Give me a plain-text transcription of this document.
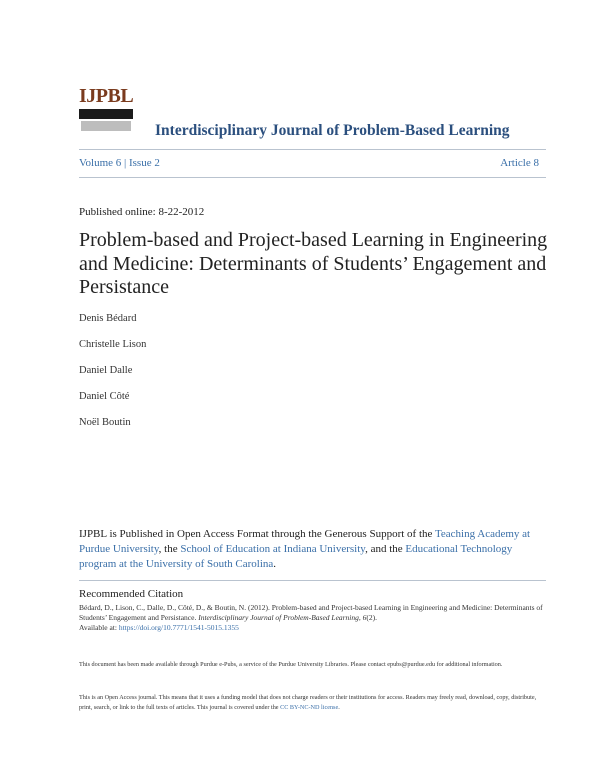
IJPBL
Interdisciplinary Journal of Problem-Based Learning
Volume 6 | Issue 2	Article 8
Published online: 8-22-2012
Problem-based and Project-based Learning in Engineering and Medicine: Determinants of Students’ Engagement and Persistance
Denis Bédard
Christelle Lison
Daniel Dalle
Daniel Côté
Noël Boutin
IJPBL is Published in Open Access Format through the Generous Support of the Teaching Academy at Purdue University, the School of Education at Indiana University, and the Educational Technology program at the University of South Carolina.
Recommended Citation
Bédard, D., Lison, C., Dalle, D., Côté, D., & Boutin, N. (2012). Problem-based and Project-based Learning in Engineering and Medicine: Determinants of Students’ Engagement and Persistance. Interdisciplinary Journal of Problem-Based Learning, 6(2).
Available at: https://doi.org/10.7771/1541-5015.1355
This document has been made available through Purdue e-Pubs, a service of the Purdue University Libraries. Please contact epubs@purdue.edu for additional information.
This is an Open Access journal. This means that it uses a funding model that does not charge readers or their institutions for access. Readers may freely read, download, copy, distribute, print, search, or link to the full texts of articles. This journal is covered under the CC BY-NC-ND license.
